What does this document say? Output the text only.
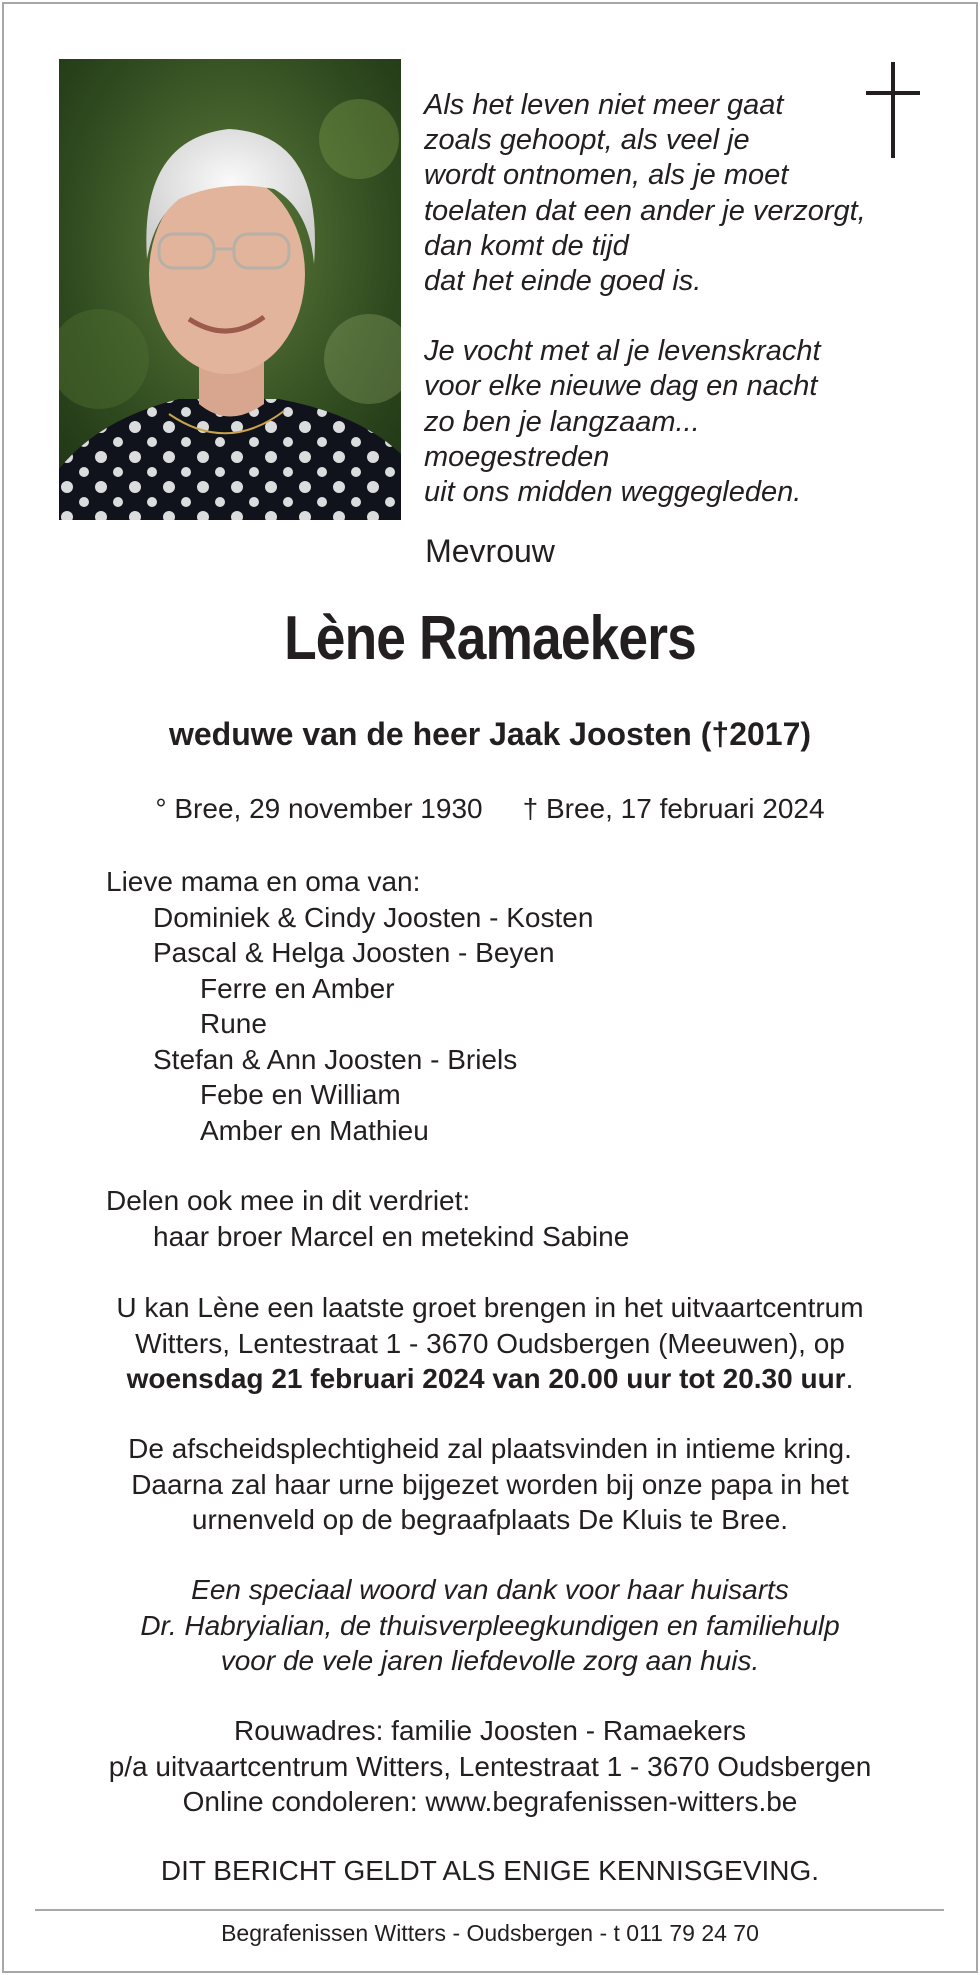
Als het leven niet meer gaat
zoals gehoopt, als veel je
wordt ontnomen, als je moet
toelaten dat een ander je verzorgt,
dan komt de tijd
dat het einde goed is.
Je vocht met al je levenskracht
voor elke nieuwe dag en nacht
zo ben je langzaam...
moegestreden
uit ons midden weggegleden.
Mevrouw
Lène Ramaekers
weduwe van de heer Jaak Joosten (†2017)
° Bree, 29 november 1930 † Bree, 17 februari 2024
Lieve mama en oma van:
Dominiek & Cindy Joosten - Kosten
Pascal & Helga Joosten - Beyen
Ferre en Amber
Rune
Stefan & Ann Joosten - Briels
Febe en William
Amber en Mathieu
Delen ook mee in dit verdriet:
haar broer Marcel en metekind Sabine
U kan Lène een laatste groet brengen in het uitvaartcentrum
Witters, Lentestraat 1 - 3670 Oudsbergen (Meeuwen), op
woensdag 21 februari 2024 van 20.00 uur tot 20.30 uur.
De afscheidsplechtigheid zal plaatsvinden in intieme kring.
Daarna zal haar urne bijgezet worden bij onze papa in het
urnenveld op de begraafplaats De Kluis te Bree.
Een speciaal woord van dank voor haar huisarts
Dr. Habryialian, de thuisverpleegkundigen en familiehulp
voor de vele jaren liefdevolle zorg aan huis.
Rouwadres: familie Joosten - Ramaekers
p/a uitvaartcentrum Witters, Lentestraat 1 - 3670 Oudsbergen
Online condoleren: www.begrafenissen-witters.be
DIT BERICHT GELDT ALS ENIGE KENNISGEVING.
Begrafenissen Witters - Oudsbergen - t 011 79 24 70
